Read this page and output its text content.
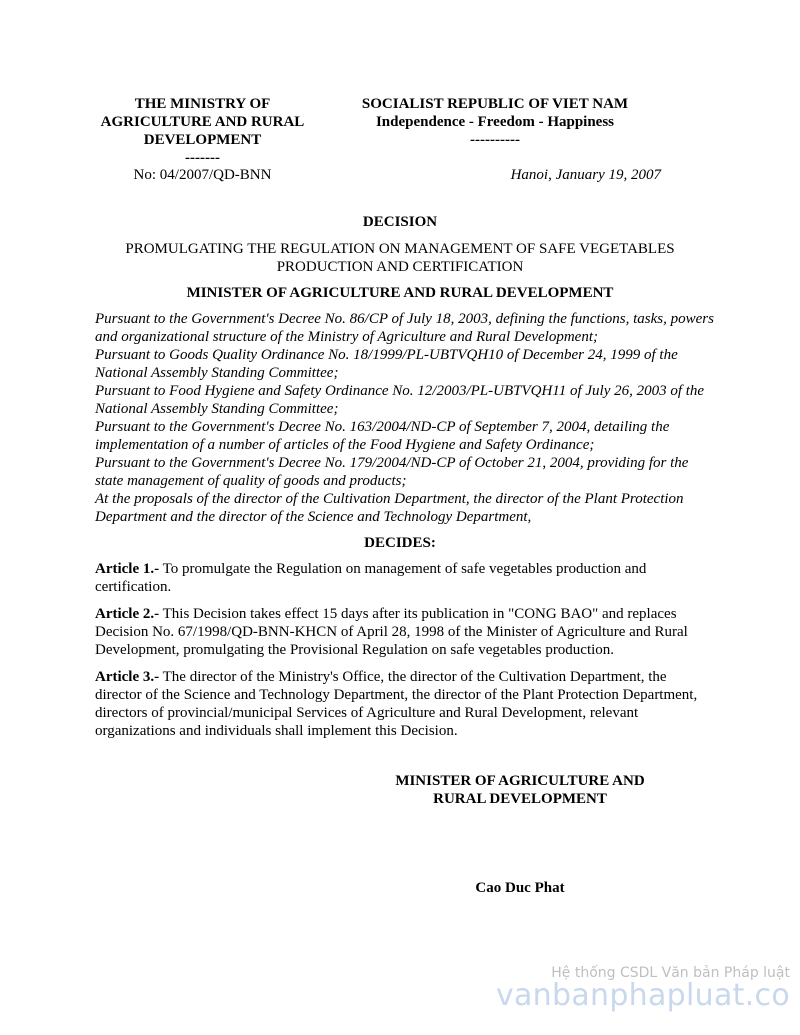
THE MINISTRY OF
AGRICULTURE AND RURAL
DEVELOPMENT
-------
SOCIALIST REPUBLIC OF VIET NAM
Independence - Freedom - Happiness
----------
No: 04/2007/QD-BNN	Hanoi, January 19, 2007
DECISION
PROMULGATING THE REGULATION ON MANAGEMENT OF SAFE VEGETABLES
PRODUCTION AND CERTIFICATION
MINISTER OF AGRICULTURE AND RURAL DEVELOPMENT

Pursuant to the Government's Decree No. 86/CP of July 18, 2003, defining the functions, tasks, powers and organizational structure of the Ministry of Agriculture and Rural Development;

Pursuant to Goods Quality Ordinance No. 18/1999/PL-UBTVQH10 of December 24, 1999 of the National Assembly Standing Committee;

Pursuant to Food Hygiene and Safety Ordinance No. 12/2003/PL-UBTVQH11 of July 26, 2003 of the National Assembly Standing Committee;

Pursuant to the Government's Decree No. 163/2004/ND-CP of September 7, 2004, detailing the implementation of a number of articles of the Food Hygiene and Safety Ordinance;

Pursuant to the Government's Decree No. 179/2004/ND-CP of October 21, 2004, providing for the state management of quality of goods and products;

At the proposals of the director of the Cultivation Department, the director of the Plant Protection Department and the director of the Science and Technology Department,

DECIDES:

Article 1.- To promulgate the Regulation on management of safe vegetables production and certification.

Article 2.- This Decision takes effect 15 days after its publication in "CONG BAO" and replaces Decision No. 67/1998/QD-BNN-KHCN of April 28, 1998 of the Minister of Agriculture and Rural Development, promulgating the Provisional Regulation on safe vegetables production.

Article 3.- The director of the Ministry's Office, the director of the Cultivation Department, the director of the Science and Technology Department, the director of the Plant Protection Department, directors of provincial/municipal Services of Agriculture and Rural Development, relevant organizations and individuals shall implement this Decision.

MINISTER OF AGRICULTURE AND
RURAL DEVELOPMENT
Cao Duc Phat
Hệ thống CSDL Văn bản Pháp luật
vanbanphapluat.co
